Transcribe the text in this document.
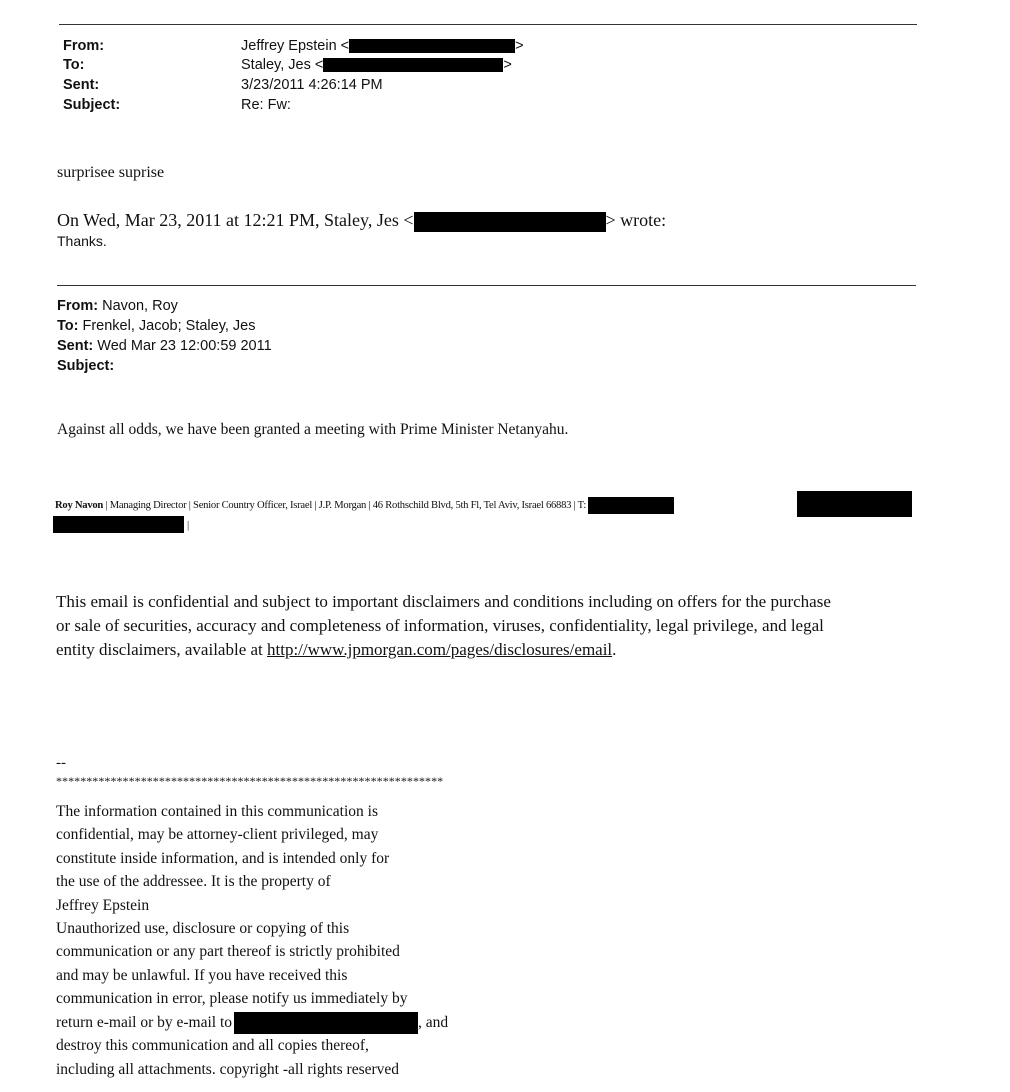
From:	Jeffrey Epstein <	>
To:	Staley, Jes <	>
Sent:	3/23/2011 4:26:14 PM
Subject:	Re: Fw:
surprisee suprise
On Wed, Mar 23, 2011 at 12:21 PM, Staley, Jes <	> wrote:
Thanks.
From: Navon, Roy
To: Frenkel, Jacob; Staley, Jes
Sent: Wed Mar 23 12:00:59 2011
Subject:
Against all odds, we have been granted a meeting with Prime Minister Netanyahu.
Roy Navon | Managing Director | Senior Country Officer, Israel | J.P. Morgan | 46 Rothschild Blvd, 5th Fl, Tel Aviv, Israel 66883 | T:
|
This email is confidential and subject to important disclaimers and conditions including on offers for the purchase
or sale of securities, accuracy and completeness of information, viruses, confidentiality, legal privilege, and legal
entity disclaimers, available at http://www.jpmorgan.com/pages/disclosures/email.
--
****************************************************************
The information contained in this communication is
confidential, may be attorney-client privileged, may
constitute inside information, and is intended only for
the use of the addressee. It is the property of
Jeffrey Epstein
Unauthorized use, disclosure or copying of this
communication or any part thereof is strictly prohibited
and may be unlawful. If you have received this
communication in error, please notify us immediately by
return e-mail or by e-mail to	, and
destroy this communication and all copies thereof,
including all attachments. copyright -all rights reserved
